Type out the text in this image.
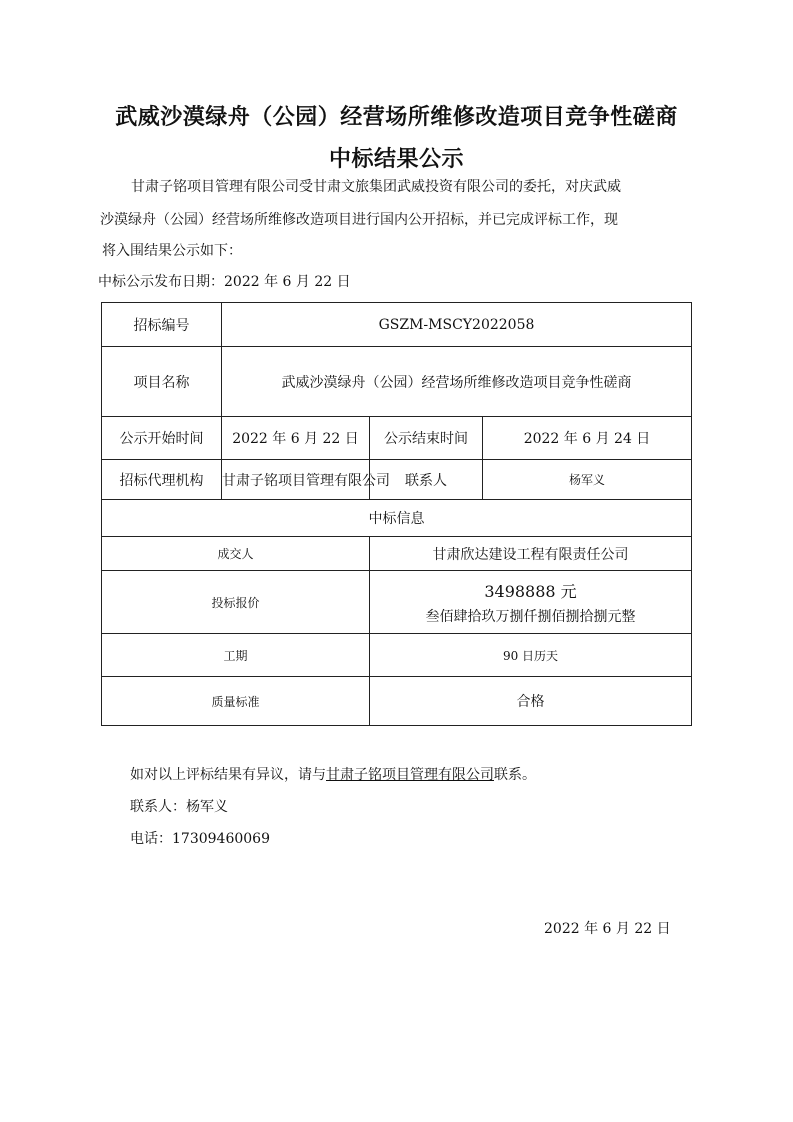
武威沙漠绿舟（公园）经营场所维修改造项目竞争性磋商
中标结果公示
甘肃子铭项目管理有限公司受甘肃文旅集团武威投资有限公司的委托，对庆武威
沙漠绿舟（公园）经营场所维修改造项目进行国内公开招标，并已完成评标工作，现
将入围结果公示如下：
中标公示发布日期：2022 年 6 月 22 日
招标编号	GSZM-MSCY2022058		
项目名称	武威沙漠绿舟（公园）经营场所维修改造项目竞争性磋商		
公示开始时间	2022 年 6 月 22 日	公示结束时间	2022 年 6 月 24 日
招标代理机构	甘肃子铭项目管理有限公司	联系人	杨军义
中标信息			
成交人		甘肃欣达建设工程有限责任公司	
投标报价		3498888 元
叁佰肆拾玖万捌仟捌佰捌拾捌元整	

工期		90 日历天	
质量标准		合格	
如对以上评标结果有异议，请与甘肃子铭项目管理有限公司联系。
联系人：杨军义
电话：17309460069
2022 年 6 月 22 日
